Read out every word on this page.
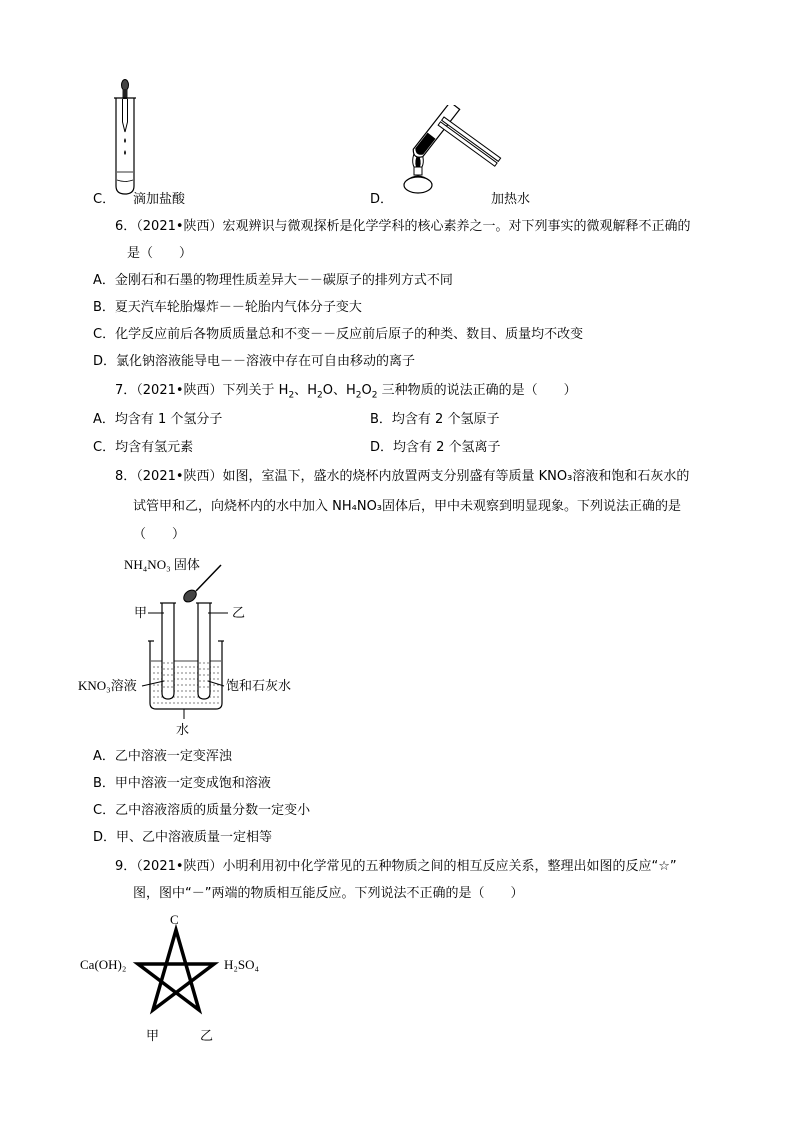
C． 滴加盐酸	D．	加热水
6．（2021•陕西）宏观辨识与微观探析是化学学科的核心素养之一。对下列事实的微观解释不正确的
是（　　）
A．金刚石和石墨的物理性质差异大－－碳原子的排列方式不同
B．夏天汽车轮胎爆炸－－轮胎内气体分子变大
C．化学反应前后各物质质量总和不变－－反应前后原子的种类、数目、质量均不改变
D．氯化钠溶液能导电－－溶液中存在可自由移动的离子
7．（2021•陕西）下列关于 $H_2$、$H_2O$、$H_2O_2$ 三种物质的说法正确的是（　　）
A．均含有 1 个氢分子	B．均含有 2 个氢原子
C．均含有氢元素	D．均含有 2 个氢离子
8．（2021•陕西）如图，室温下，盛水的烧杯内放置两支分别盛有等质量 KNO₃溶液和饱和石灰水的
试管甲和乙，向烧杯内的水中加入 NH₄NO₃固体后，甲中未观察到明显现象。下列说法正确的是
（　　）
NH₄NO₃ 固体
甲	乙
KNO₃溶液	饱和石灰水
水
A．乙中溶液一定变浑浊
B．甲中溶液一定变成饱和溶液
C．乙中溶液溶质的质量分数一定变小
D．甲、乙中溶液质量一定相等
9．（2021•陕西）小明利用初中化学常见的五种物质之间的相互反应关系，整理出如图的反应“☆”
图，图中“－”两端的物质相互能反应。下列说法不正确的是（　　）
C
Ca(OH)₂	H₂SO₄
甲	乙
